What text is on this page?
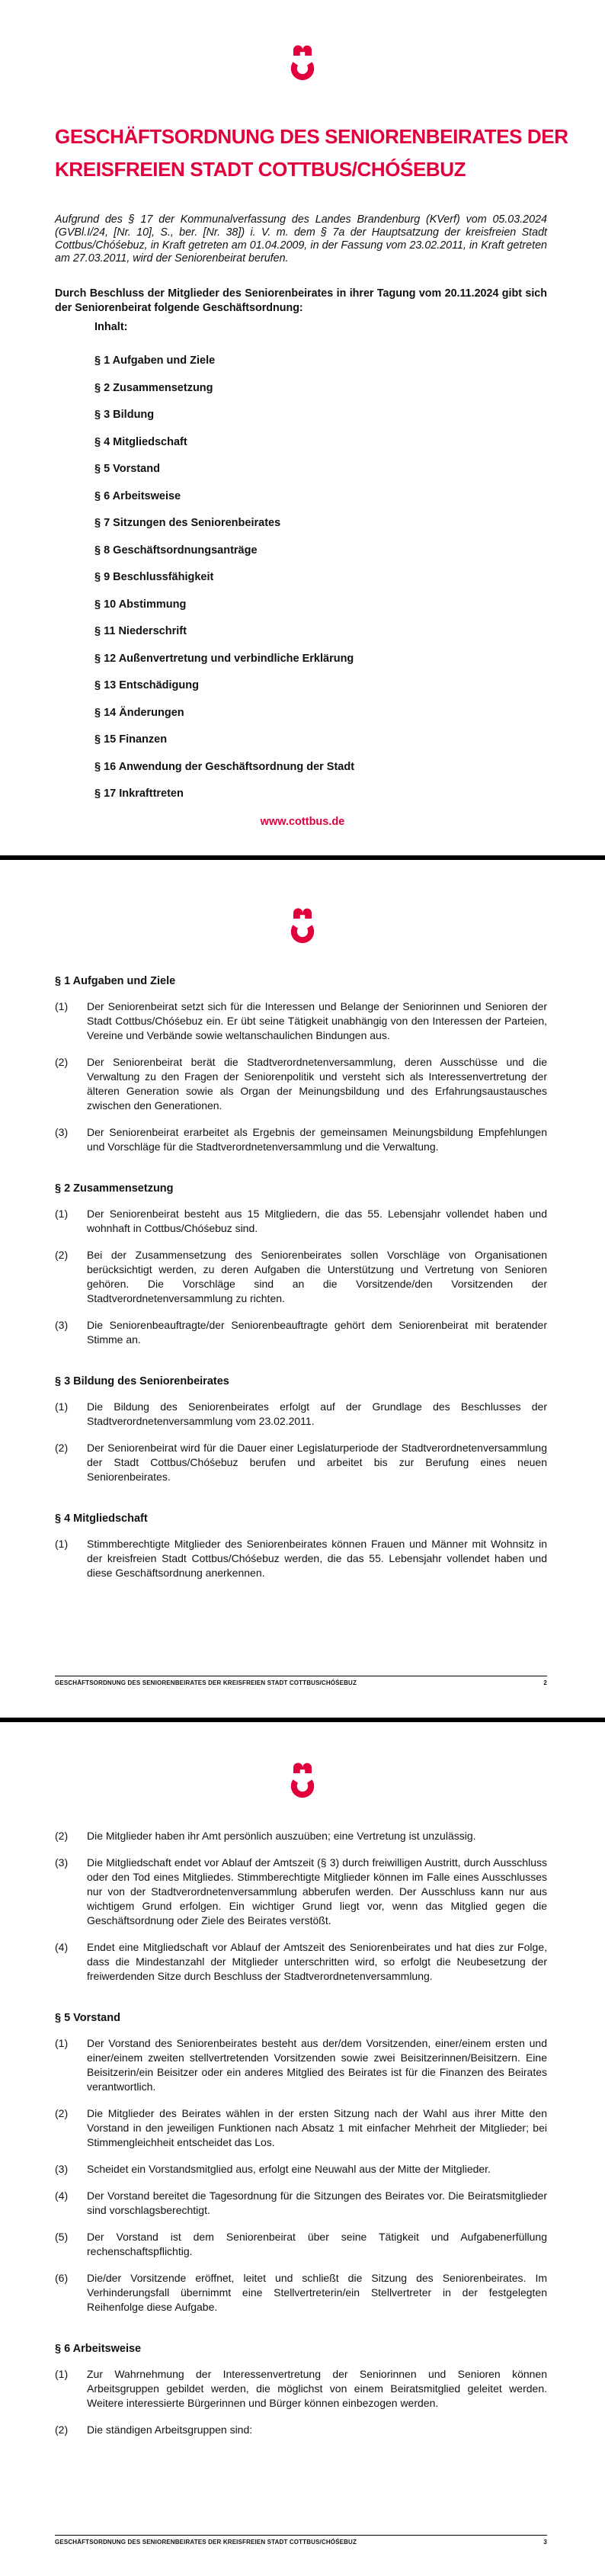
GESCHÄFTSORDNUNG DES SENIORENBEIRATES DER
KREISFREIEN STADT COTTBUS/CHÓŚEBUZ

Aufgrund des § 17 der Kommunalverfassung des Landes Brandenburg (KVerf) vom 05.03.2024 (GVBl.I/24, [Nr. 10], S., ber. [Nr. 38]) i. V. m. dem § 7a der Hauptsatzung der kreisfreien Stadt Cottbus/Chóśebuz, in Kraft getreten am 01.04.2009, in der Fassung vom 23.02.2011, in Kraft getreten am 27.03.2011, wird der Seniorenbeirat berufen.

Durch Beschluss der Mitglieder des Seniorenbeirates in ihrer Tagung vom 20.11.2024 gibt sich der Seniorenbeirat folgende Geschäftsordnung:

Inhalt:
§ 1 Aufgaben und Ziele
§ 2 Zusammensetzung
§ 3 Bildung
§ 4 Mitgliedschaft
§ 5 Vorstand
§ 6 Arbeitsweise
§ 7 Sitzungen des Seniorenbeirates
§ 8 Geschäftsordnungsanträge
§ 9 Beschlussfähigkeit
§ 10 Abstimmung
§ 11 Niederschrift
§ 12 Außenvertretung und verbindliche Erklärung
§ 13 Entschädigung
§ 14 Änderungen
§ 15 Finanzen
§ 16 Anwendung der Geschäftsordnung der Stadt
§ 17 Inkrafttreten
www.cottbus.de
§ 1 Aufgaben und Ziele

(1) Der Seniorenbeirat setzt sich für die Interessen und Belange der Seniorinnen und Senioren der Stadt Cottbus/Chóśebuz ein. Er übt seine Tätigkeit unabhängig von den Interessen der Parteien, Vereine und Verbände sowie weltanschaulichen Bindungen aus.

(2) Der Seniorenbeirat berät die Stadtverordnetenversammlung, deren Ausschüsse und die Verwaltung zu den Fragen der Seniorenpolitik und versteht sich als Interessenvertretung der älteren Generation sowie als Organ der Meinungsbildung und des Erfahrungsaustausches zwischen den Generationen.

(3) Der Seniorenbeirat erarbeitet als Ergebnis der gemeinsamen Meinungsbildung Empfehlungen und Vorschläge für die Stadtverordnetenversammlung und die Verwaltung.

§ 2 Zusammensetzung

(1) Der Seniorenbeirat besteht aus 15 Mitgliedern, die das 55. Lebensjahr vollendet haben und wohnhaft in Cottbus/Chóśebuz sind.

(2) Bei der Zusammensetzung des Seniorenbeirates sollen Vorschläge von Organisationen berücksichtigt werden, zu deren Aufgaben die Unterstützung und Vertretung von Senioren gehören. Die Vorschläge sind an die Vorsitzende/den Vorsitzenden der Stadtverordnetenversammlung zu richten.

(3) Die Seniorenbeauftragte/der Seniorenbeauftragte gehört dem Seniorenbeirat mit beratender Stimme an.

§ 3 Bildung des Seniorenbeirates

(1) Die Bildung des Seniorenbeirates erfolgt auf der Grundlage des Beschlusses der Stadtverordnetenversammlung vom 23.02.2011.

(2) Der Seniorenbeirat wird für die Dauer einer Legislaturperiode der Stadtverordnetenversammlung der Stadt Cottbus/Chóśebuz berufen und arbeitet bis zur Berufung eines neuen Seniorenbeirates.

§ 4 Mitgliedschaft

(1) Stimmberechtigte Mitglieder des Seniorenbeirates können Frauen und Männer mit Wohnsitz in der kreisfreien Stadt Cottbus/Chóśebuz werden, die das 55. Lebensjahr vollendet haben und diese Geschäftsordnung anerkennen.

GESCHÄFTSORDNUNG DES SENIORENBEIRATES DER KREISFREIEN STADT COTTBUS/CHÓŚEBUZ	2

(2) Die Mitglieder haben ihr Amt persönlich auszuüben; eine Vertretung ist unzulässig.

(3) Die Mitgliedschaft endet vor Ablauf der Amtszeit (§ 3) durch freiwilligen Austritt, durch Ausschluss oder den Tod eines Mitgliedes. Stimmberechtigte Mitglieder können im Falle eines Ausschlusses nur von der Stadtverordnetenversammlung abberufen werden. Der Ausschluss kann nur aus wichtigem Grund erfolgen. Ein wichtiger Grund liegt vor, wenn das Mitglied gegen die Geschäftsordnung oder Ziele des Beirates verstößt.

(4) Endet eine Mitgliedschaft vor Ablauf der Amtszeit des Seniorenbeirates und hat dies zur Folge, dass die Mindestanzahl der Mitglieder unterschritten wird, so erfolgt die Neubesetzung der freiwerdenden Sitze durch Beschluss der Stadtverordnetenversammlung.

§ 5 Vorstand

(1) Der Vorstand des Seniorenbeirates besteht aus der/dem Vorsitzenden, einer/einem ersten und einer/einem zweiten stellvertretenden Vorsitzenden sowie zwei Beisitzerinnen/Beisitzern. Eine Beisitzerin/ein Beisitzer oder ein anderes Mitglied des Beirates ist für die Finanzen des Beirates verantwortlich.

(2) Die Mitglieder des Beirates wählen in der ersten Sitzung nach der Wahl aus ihrer Mitte den Vorstand in den jeweiligen Funktionen nach Absatz 1 mit einfacher Mehrheit der Mitglieder; bei Stimmengleichheit entscheidet das Los.

(3) Scheidet ein Vorstandsmitglied aus, erfolgt eine Neuwahl aus der Mitte der Mitglieder.

(4) Der Vorstand bereitet die Tagesordnung für die Sitzungen des Beirates vor. Die Beiratsmitglieder sind vorschlagsberechtigt.

(5) Der Vorstand ist dem Seniorenbeirat über seine Tätigkeit und Aufgabenerfüllung rechenschaftspflichtig.

(6) Die/der Vorsitzende eröffnet, leitet und schließt die Sitzung des Seniorenbeirates. Im Verhinderungsfall übernimmt eine Stellvertreterin/ein Stellvertreter in der festgelegten Reihenfolge diese Aufgabe.

§ 6 Arbeitsweise

(1) Zur Wahrnehmung der Interessenvertretung der Seniorinnen und Senioren können Arbeitsgruppen gebildet werden, die möglichst von einem Beiratsmitglied geleitet werden. Weitere interessierte Bürgerinnen und Bürger können einbezogen werden.

(2) Die ständigen Arbeitsgruppen sind:

GESCHÄFTSORDNUNG DES SENIORENBEIRATES DER KREISFREIEN STADT COTTBUS/CHÓŚEBUZ	3
